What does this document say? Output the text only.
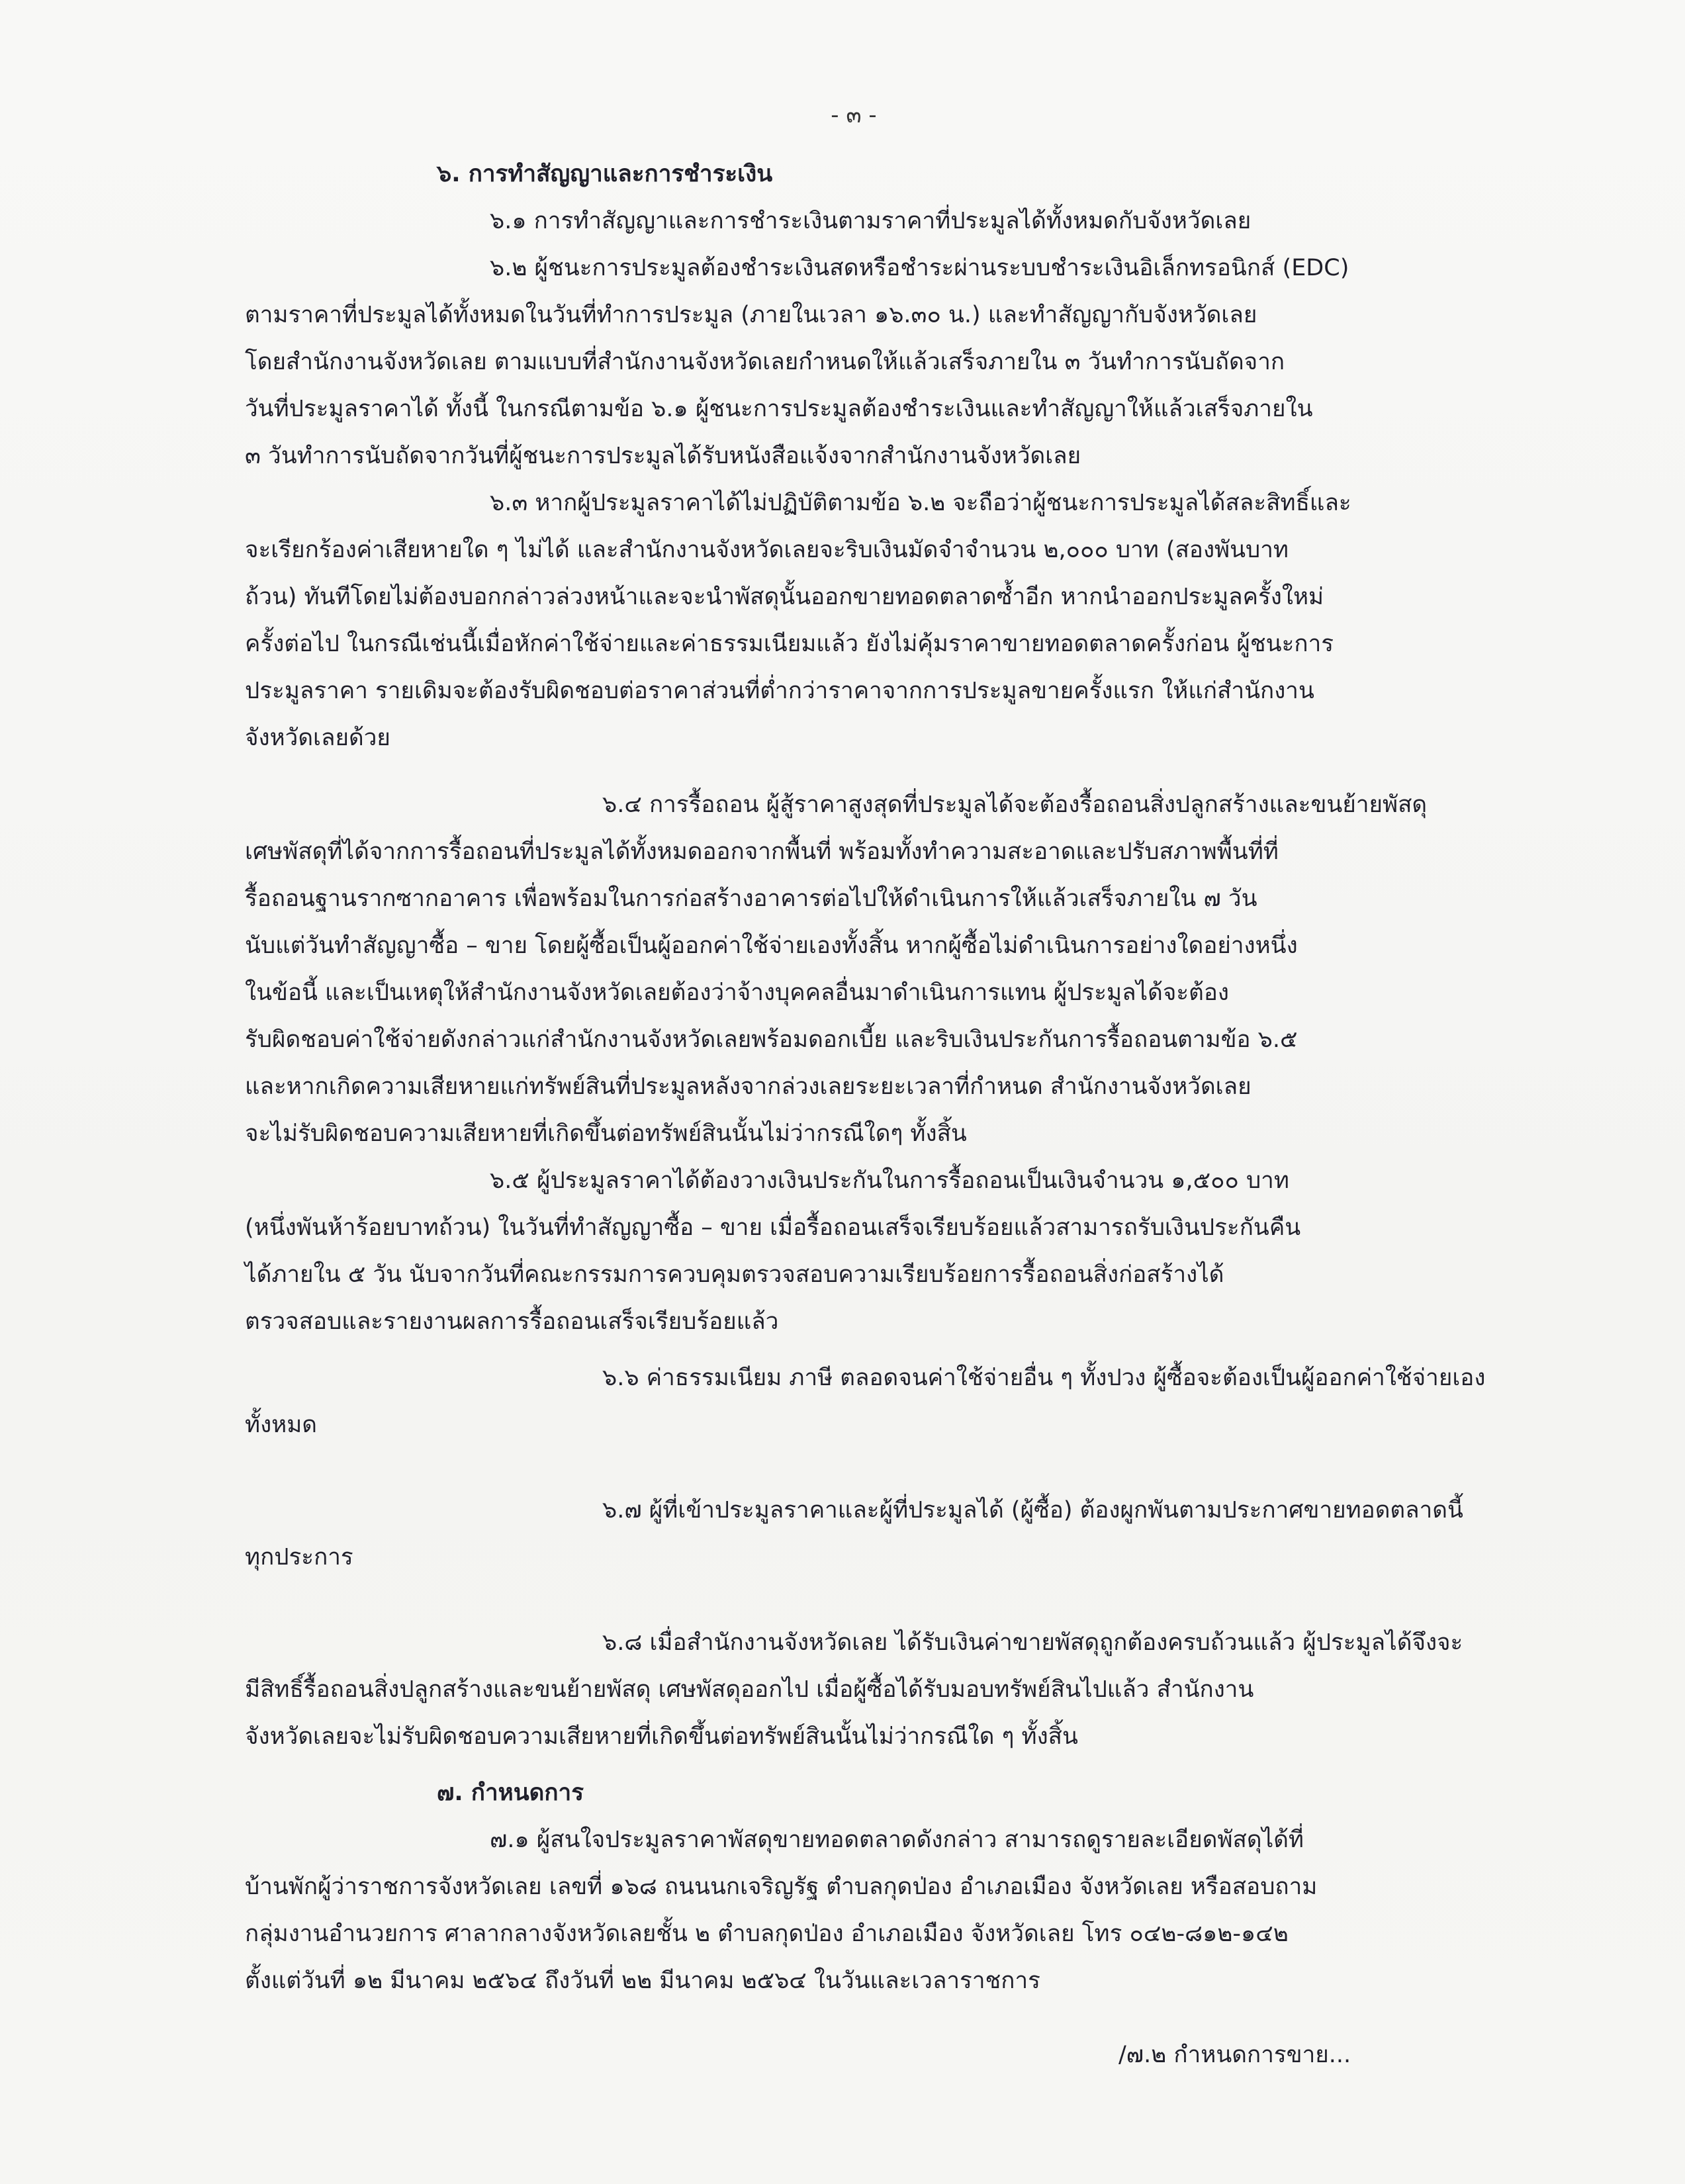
- ๓ -
๖. การทำสัญญาและการชำระเงิน
๖.๑ การทำสัญญาและการชำระเงินตามราคาที่ประมูลได้ทั้งหมดกับจังหวัดเลย
๖.๒ ผู้ชนะการประมูลต้องชำระเงินสดหรือชำระผ่านระบบชำระเงินอิเล็กทรอนิกส์ (EDC)
ตามราคาที่ประมูลได้ทั้งหมดในวันที่ทำการประมูล (ภายในเวลา ๑๖.๓๐ น.) และทำสัญญากับจังหวัดเลย
โดยสำนักงานจังหวัดเลย ตามแบบที่สำนักงานจังหวัดเลยกำหนดให้แล้วเสร็จภายใน ๓ วันทำการนับถัดจาก
วันที่ประมูลราคาได้ ทั้งนี้ ในกรณีตามข้อ ๖.๑ ผู้ชนะการประมูลต้องชำระเงินและทำสัญญาให้แล้วเสร็จภายใน
๓ วันทำการนับถัดจากวันที่ผู้ชนะการประมูลได้รับหนังสือแจ้งจากสำนักงานจังหวัดเลย
๖.๓ หากผู้ประมูลราคาได้ไม่ปฏิบัติตามข้อ ๖.๒ จะถือว่าผู้ชนะการประมูลได้สละสิทธิ์และ
จะเรียกร้องค่าเสียหายใด ๆ ไม่ได้ และสำนักงานจังหวัดเลยจะริบเงินมัดจำจำนวน ๒,๐๐๐ บาท (สองพันบาท
ถ้วน) ทันทีโดยไม่ต้องบอกกล่าวล่วงหน้าและจะนำพัสดุนั้นออกขายทอดตลาดซ้ำอีก หากนำออกประมูลครั้งใหม่
ครั้งต่อไป ในกรณีเช่นนี้เมื่อหักค่าใช้จ่ายและค่าธรรมเนียมแล้ว ยังไม่คุ้มราคาขายทอดตลาดครั้งก่อน ผู้ชนะการ
ประมูลราคา รายเดิมจะต้องรับผิดชอบต่อราคาส่วนที่ต่ำกว่าราคาจากการประมูลขายครั้งแรก ให้แก่สำนักงาน
จังหวัดเลยด้วย
๖.๔ การรื้อถอน ผู้สู้ราคาสูงสุดที่ประมูลได้จะต้องรื้อถอนสิ่งปลูกสร้างและขนย้ายพัสดุ
เศษพัสดุที่ได้จากการรื้อถอนที่ประมูลได้ทั้งหมดออกจากพื้นที่ พร้อมทั้งทำความสะอาดและปรับสภาพพื้นที่ที่
รื้อถอนฐานรากซากอาคาร เพื่อพร้อมในการก่อสร้างอาคารต่อไปให้ดำเนินการให้แล้วเสร็จภายใน ๗ วัน
นับแต่วันทำสัญญาซื้อ – ขาย โดยผู้ซื้อเป็นผู้ออกค่าใช้จ่ายเองทั้งสิ้น หากผู้ซื้อไม่ดำเนินการอย่างใดอย่างหนึ่ง
ในข้อนี้ และเป็นเหตุให้สำนักงานจังหวัดเลยต้องว่าจ้างบุคคลอื่นมาดำเนินการแทน ผู้ประมูลได้จะต้อง
รับผิดชอบค่าใช้จ่ายดังกล่าวแก่สำนักงานจังหวัดเลยพร้อมดอกเบี้ย และริบเงินประกันการรื้อถอนตามข้อ ๖.๕
และหากเกิดความเสียหายแก่ทรัพย์สินที่ประมูลหลังจากล่วงเลยระยะเวลาที่กำหนด สำนักงานจังหวัดเลย
จะไม่รับผิดชอบความเสียหายที่เกิดขึ้นต่อทรัพย์สินนั้นไม่ว่ากรณีใดๆ ทั้งสิ้น
๖.๕ ผู้ประมูลราคาได้ต้องวางเงินประกันในการรื้อถอนเป็นเงินจำนวน ๑,๕๐๐ บาท
(หนึ่งพันห้าร้อยบาทถ้วน) ในวันที่ทำสัญญาซื้อ – ขาย เมื่อรื้อถอนเสร็จเรียบร้อยแล้วสามารถรับเงินประกันคืน
ได้ภายใน ๕ วัน นับจากวันที่คณะกรรมการควบคุมตรวจสอบความเรียบร้อยการรื้อถอนสิ่งก่อสร้างได้
ตรวจสอบและรายงานผลการรื้อถอนเสร็จเรียบร้อยแล้ว
๖.๖ ค่าธรรมเนียม ภาษี ตลอดจนค่าใช้จ่ายอื่น ๆ ทั้งปวง ผู้ซื้อจะต้องเป็นผู้ออกค่าใช้จ่ายเอง
ทั้งหมด
๖.๗ ผู้ที่เข้าประมูลราคาและผู้ที่ประมูลได้ (ผู้ซื้อ) ต้องผูกพันตามประกาศขายทอดตลาดนี้
ทุกประการ
๖.๘ เมื่อสำนักงานจังหวัดเลย ได้รับเงินค่าขายพัสดุถูกต้องครบถ้วนแล้ว ผู้ประมูลได้จึงจะ
มีสิทธิ์รื้อถอนสิ่งปลูกสร้างและขนย้ายพัสดุ เศษพัสดุออกไป เมื่อผู้ซื้อได้รับมอบทรัพย์สินไปแล้ว สำนักงาน
จังหวัดเลยจะไม่รับผิดชอบความเสียหายที่เกิดขึ้นต่อทรัพย์สินนั้นไม่ว่ากรณีใด ๆ ทั้งสิ้น
๗. กำหนดการ
๗.๑ ผู้สนใจประมูลราคาพัสดุขายทอดตลาดดังกล่าว สามารถดูรายละเอียดพัสดุได้ที่
บ้านพักผู้ว่าราชการจังหวัดเลย เลขที่ ๑๖๘ ถนนนกเจริญรัฐ ตำบลกุดป่อง อำเภอเมือง จังหวัดเลย หรือสอบถาม
กลุ่มงานอำนวยการ ศาลากลางจังหวัดเลยชั้น ๒ ตำบลกุดป่อง อำเภอเมือง จังหวัดเลย โทร ๐๔๒-๘๑๒-๑๔๒
ตั้งแต่วันที่ ๑๒ มีนาคม ๒๕๖๔ ถึงวันที่ ๒๒ มีนาคม ๒๕๖๔ ในวันและเวลาราชการ
/๗.๒ กำหนดการขาย...
